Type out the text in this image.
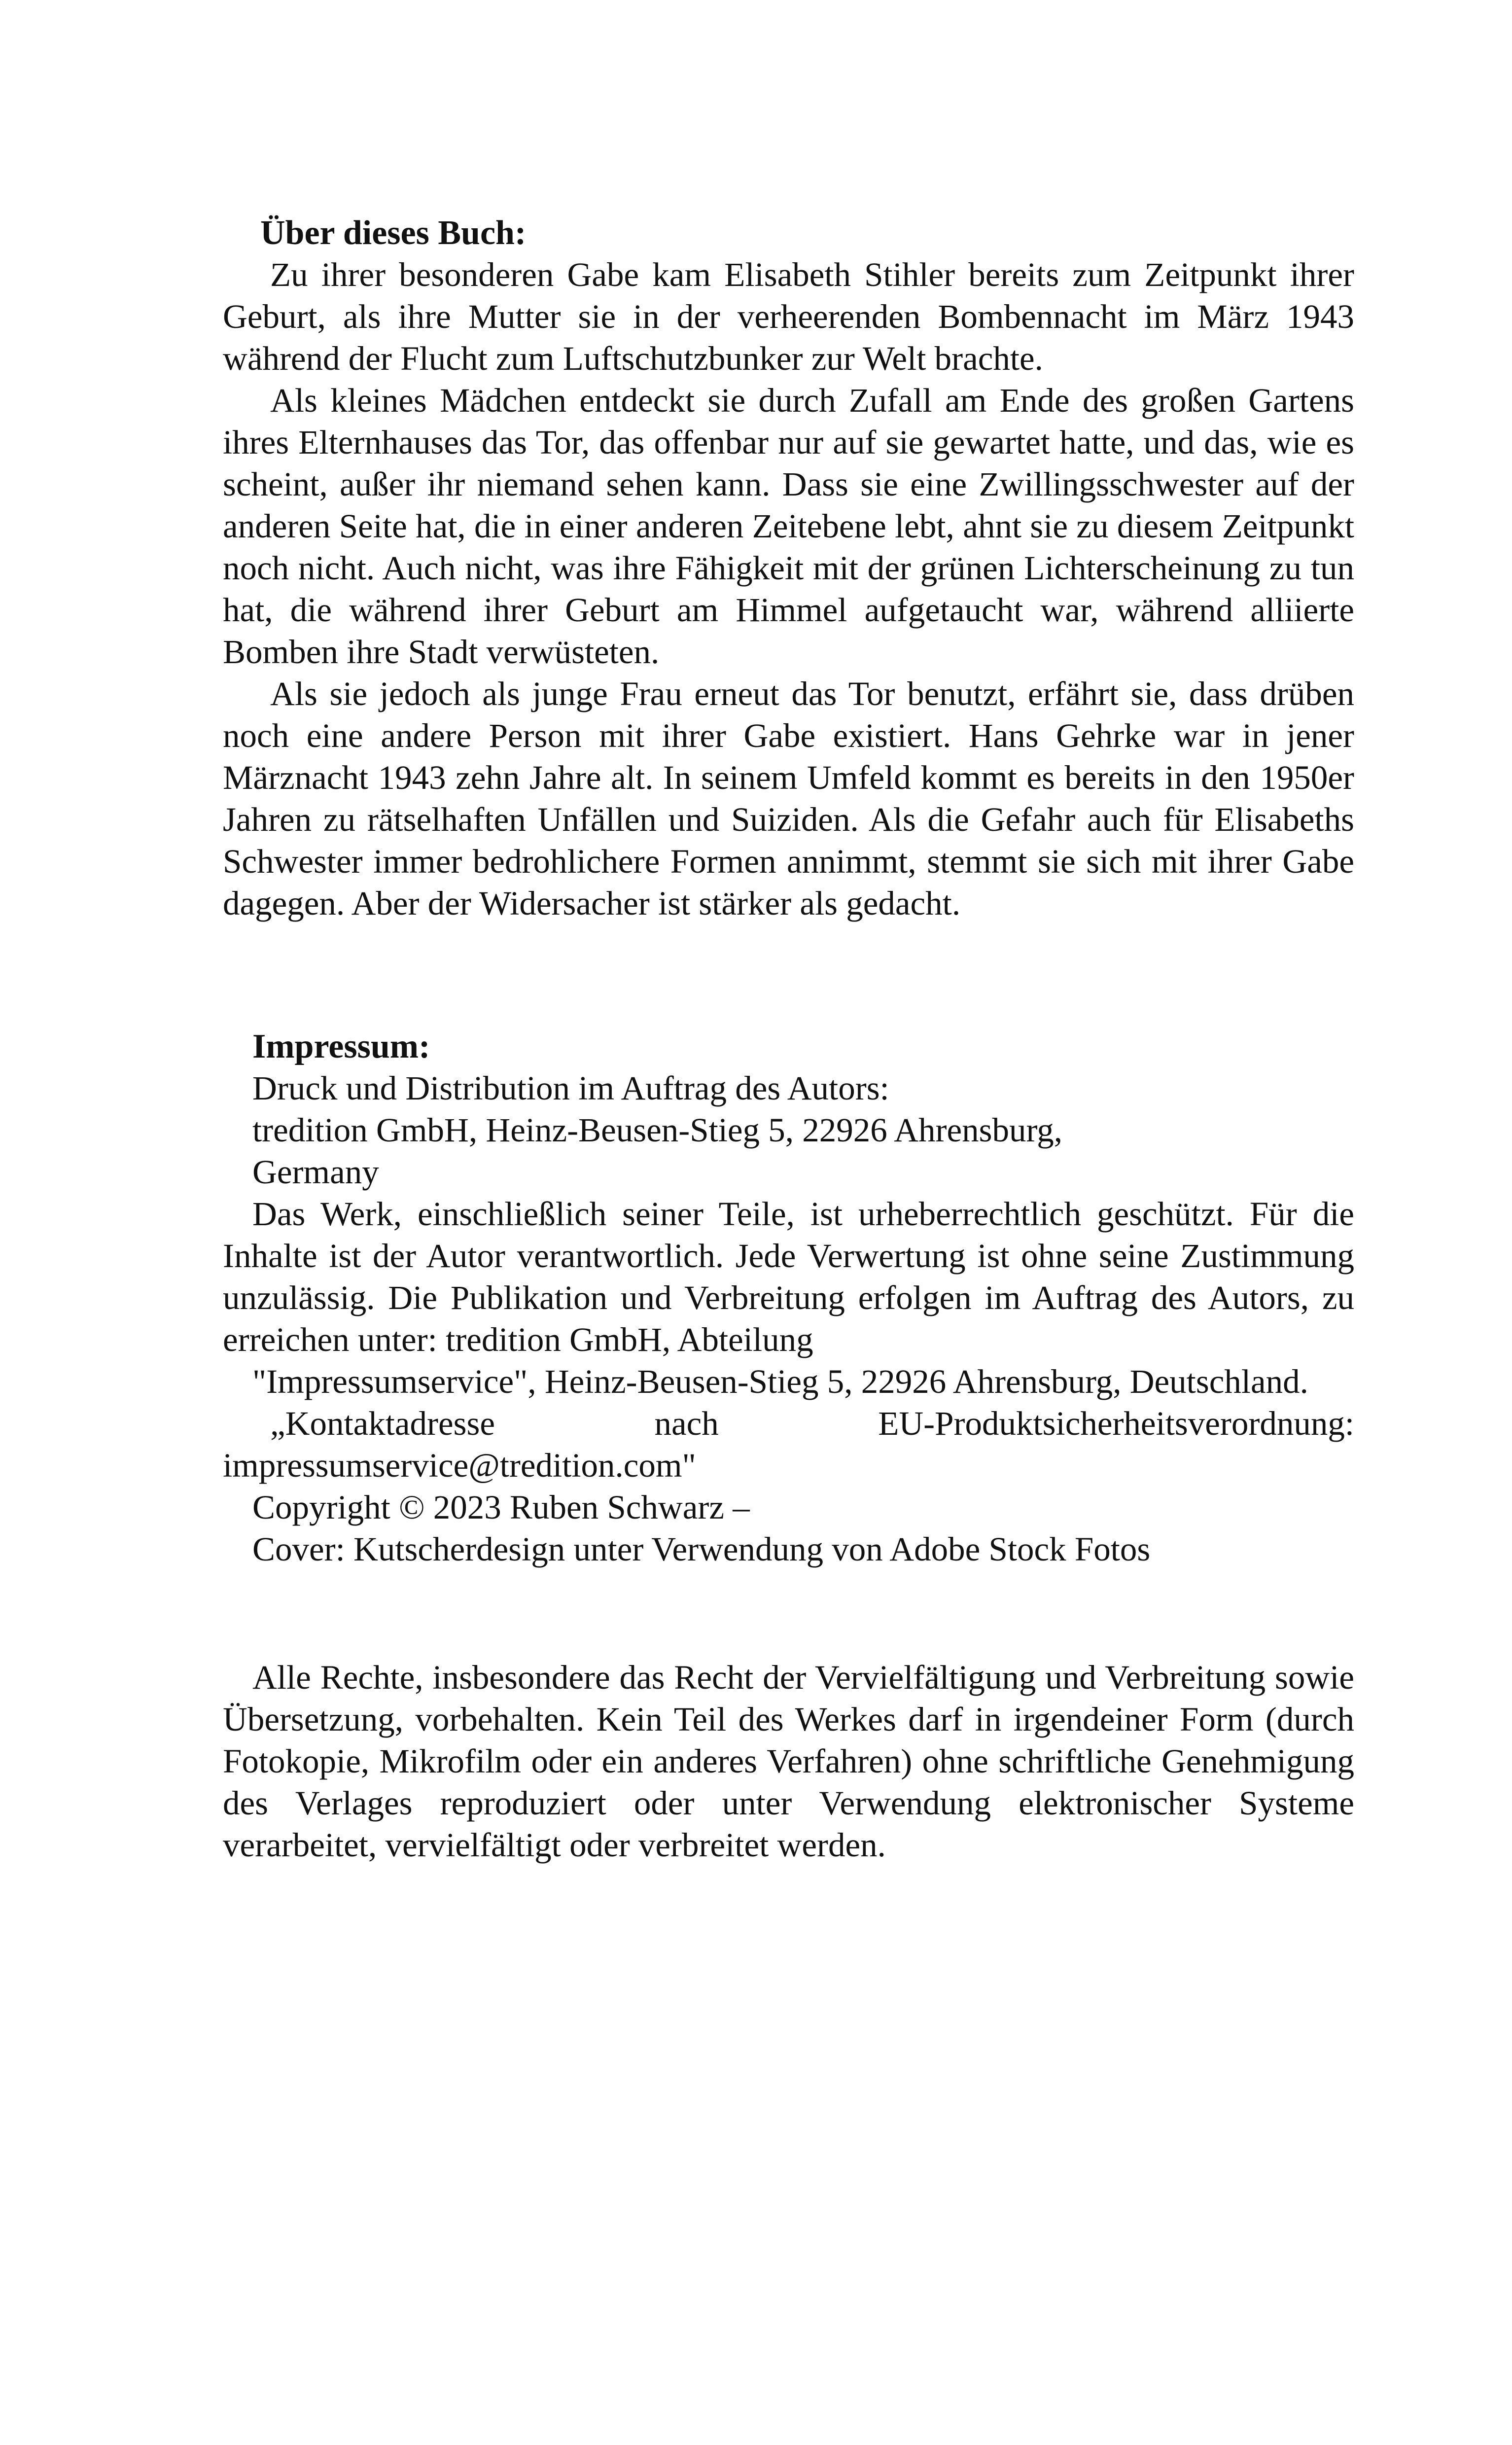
Über dieses Buch:

Zu ihrer besonderen Gabe kam Elisabeth Stihler bereits zum Zeitpunkt ihrer Geburt, als ihre Mutter sie in der verheerenden Bombennacht im März 1943 während der Flucht zum Luftschutzbunker zur Welt brachte.

Als kleines Mädchen entdeckt sie durch Zufall am Ende des großen Gartens ihres Elternhauses das Tor, das offenbar nur auf sie gewartet hatte, und das, wie es scheint, außer ihr niemand sehen kann. Dass sie eine Zwillingsschwester auf der anderen Seite hat, die in einer anderen Zeitebene lebt, ahnt sie zu diesem Zeitpunkt noch nicht. Auch nicht, was ihre Fähigkeit mit der grünen Lichterscheinung zu tun hat, die während ihrer Geburt am Himmel aufgetaucht war, während alliierte Bomben ihre Stadt verwüsteten.

Als sie jedoch als junge Frau erneut das Tor benutzt, erfährt sie, dass drüben noch eine andere Person mit ihrer Gabe existiert. Hans Gehrke war in jener Märznacht 1943 zehn Jahre alt. In seinem Umfeld kommt es bereits in den 1950er Jahren zu rätselhaften Unfällen und Suiziden. Als die Gefahr auch für Elisabeths Schwester immer bedrohlichere Formen annimmt, stemmt sie sich mit ihrer Gabe dagegen. Aber der Widersacher ist stärker als gedacht.

Impressum:

Druck und Distribution im Auftrag des Autors:

tredition GmbH, Heinz-Beusen-Stieg 5, 22926 Ahrensburg,

Germany

Das Werk, einschließlich seiner Teile, ist urheberrechtlich geschützt. Für die Inhalte ist der Autor verantwortlich. Jede Verwertung ist ohne seine Zustimmung unzulässig. Die Publikation und Verbreitung erfolgen im Auftrag des Autors, zu erreichen unter: tredition GmbH, Abteilung

"Impressumservice", Heinz-Beusen-Stieg 5, 22926 Ahrensburg, Deutschland.

„Kontaktadresse nach EU-Produktsicherheitsverordnung: impressumservice@tredition.com"

Copyright © 2023 Ruben Schwarz –

Cover: Kutscherdesign unter Verwendung von Adobe Stock Fotos

Alle Rechte, insbesondere das Recht der Vervielfältigung und Verbreitung sowie Übersetzung, vorbehalten. Kein Teil des Werkes darf in irgendeiner Form (durch Fotokopie, Mikrofilm oder ein anderes Verfahren) ohne schriftliche Genehmigung des Verlages reproduziert oder unter Verwendung elektronischer Systeme verarbeitet, vervielfältigt oder verbreitet werden.
